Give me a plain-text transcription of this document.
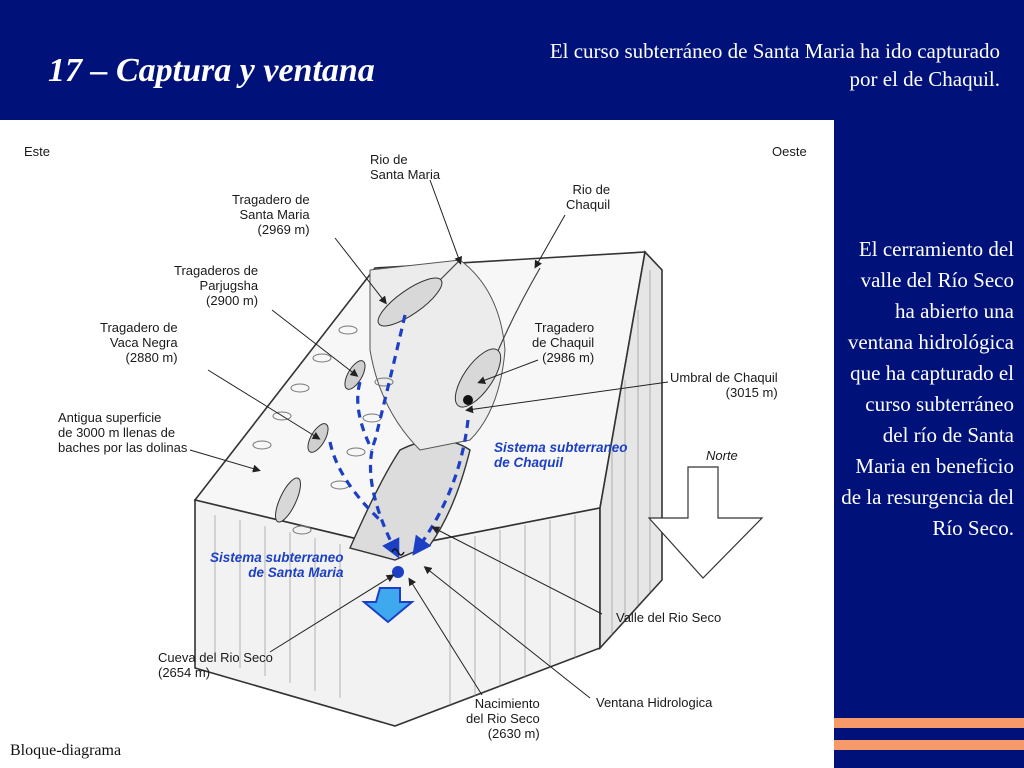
17 – Captura y ventana

El curso subterráneo de Santa Maria ha ido capturado por el de Chaquil.

Este	Oeste
Rio de
Santa Maria
Rio de
Chaquil
Tragadero de
Santa Maria
(2969 m)
Tragaderos de
Parjugsha
(2900 m)
Tragadero de
Vaca Negra
(2880 m)
Antigua superficie
de 3000 m llenas de
baches por las dolinas
Tragadero
de Chaquil
(2986 m)
Umbral de Chaquil
(3015 m)
Sistema subterraneo
de Chaquil	Norte
Sistema subterraneo
de Santa Maria
Valle del Rio Seco
Cueva del Rio Seco
(2654 m)
Nacimiento
del Rio Seco
(2630 m)
Ventana Hidrologica

Bloque-diagrama

El cerramiento del valle del Río Seco ha abierto una ventana hidrológica que ha capturado el curso subterráneo del río de Santa Maria en beneficio de la resurgencia del Río Seco.
